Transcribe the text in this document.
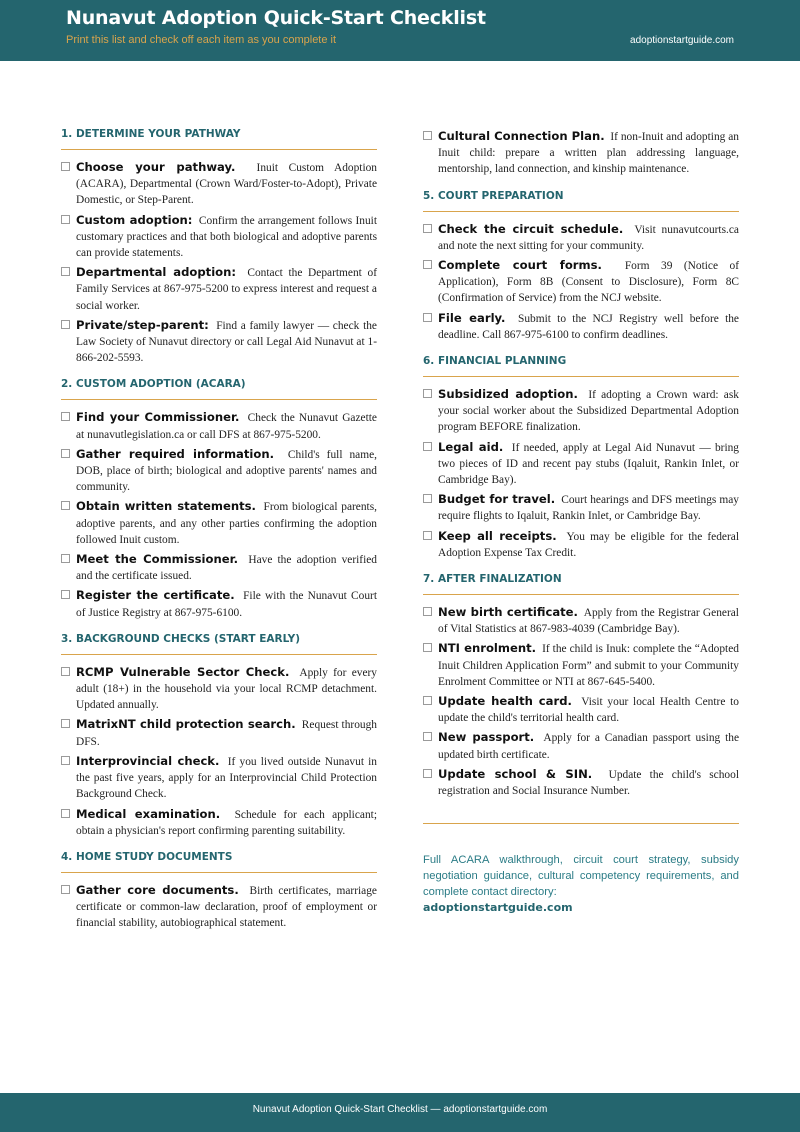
Nunavut Adoption Quick-Start Checklist
Print this list and check off each item as you complete it	adoptionstartguide.com
1. DETERMINE YOUR PATHWAY
Choose your pathway. Inuit Custom Adoption (ACARA), Departmental (Crown Ward/Foster-to-Adopt), Private Domestic, or Step-Parent.
Custom adoption: Confirm the arrangement follows Inuit customary practices and that both biological and adoptive parents can provide statements.
Departmental adoption: Contact the Department of Family Services at 867-975-5200 to express interest and request a social worker.
Private/step-parent: Find a family lawyer — check the Law Society of Nunavut directory or call Legal Aid Nunavut at 1-866-202-5593.
2. CUSTOM ADOPTION (ACARA)
Find your Commissioner. Check the Nunavut Gazette at nunavutlegislation.ca or call DFS at 867-975-5200.
Gather required information. Child's full name, DOB, place of birth; biological and adoptive parents' names and community.
Obtain written statements. From biological parents, adoptive parents, and any other parties confirming the adoption followed Inuit custom.
Meet the Commissioner. Have the adoption verified and the certificate issued.
Register the certificate. File with the Nunavut Court of Justice Registry at 867-975-6100.
3. BACKGROUND CHECKS (START EARLY)
RCMP Vulnerable Sector Check. Apply for every adult (18+) in the household via your local RCMP detachment. Updated annually.
MatrixNT child protection search. Request through DFS.
Interprovincial check. If you lived outside Nunavut in the past five years, apply for an Interprovincial Child Protection Background Check.
Medical examination. Schedule for each applicant; obtain a physician's report confirming parenting suitability.
4. HOME STUDY DOCUMENTS
Gather core documents. Birth certificates, marriage certificate or common-law declaration, proof of employment or financial stability, autobiographical statement.
Cultural Connection Plan. If non-Inuit and adopting an Inuit child: prepare a written plan addressing language, mentorship, land connection, and kinship maintenance.
5. COURT PREPARATION
Check the circuit schedule. Visit nunavutcourts.ca and note the next sitting for your community.
Complete court forms. Form 39 (Notice of Application), Form 8B (Consent to Disclosure), Form 8C (Confirmation of Service) from the NCJ website.
File early. Submit to the NCJ Registry well before the deadline. Call 867-975-6100 to confirm deadlines.
6. FINANCIAL PLANNING
Subsidized adoption. If adopting a Crown ward: ask your social worker about the Subsidized Departmental Adoption program BEFORE finalization.
Legal aid. If needed, apply at Legal Aid Nunavut — bring two pieces of ID and recent pay stubs (Iqaluit, Rankin Inlet, or Cambridge Bay).
Budget for travel. Court hearings and DFS meetings may require flights to Iqaluit, Rankin Inlet, or Cambridge Bay.
Keep all receipts. You may be eligible for the federal Adoption Expense Tax Credit.
7. AFTER FINALIZATION
New birth certificate. Apply from the Registrar General of Vital Statistics at 867-983-4039 (Cambridge Bay).
NTI enrolment. If the child is Inuk: complete the “Adopted Inuit Children Application Form” and submit to your Community Enrolment Committee or NTI at 867-645-5400.
Update health card. Visit your local Health Centre to update the child's territorial health card.
New passport. Apply for a Canadian passport using the updated birth certificate.
Update school & SIN. Update the child's school registration and Social Insurance Number.
Full ACARA walkthrough, circuit court strategy, subsidy negotiation guidance, cultural competency requirements, and complete contact directory:
adoptionstartguide.com
Nunavut Adoption Quick-Start Checklist — adoptionstartguide.com
